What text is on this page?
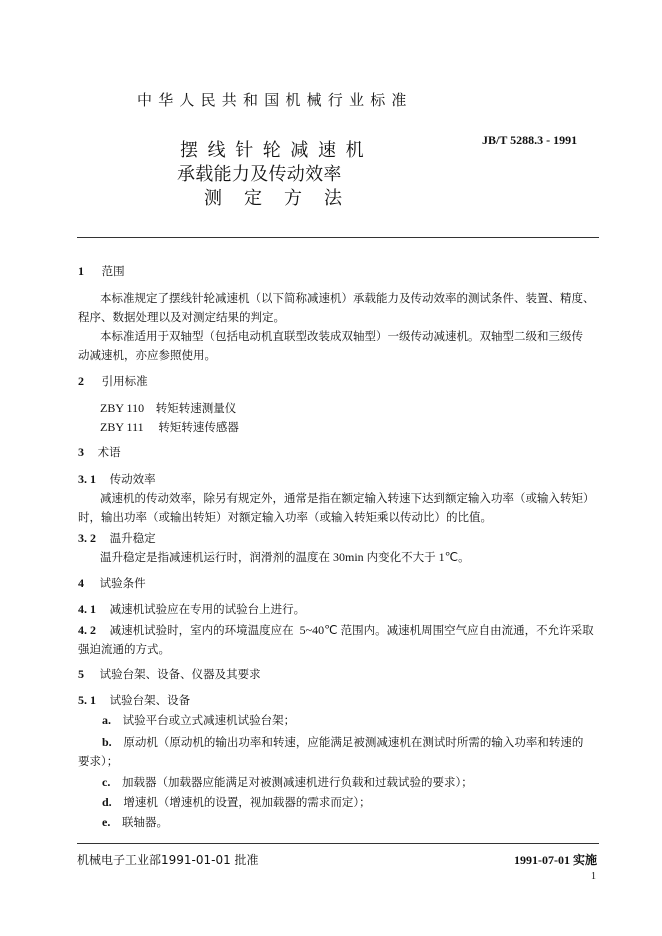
中华人民共和国机械行业标准
摆线针轮减速机
承载能力及传动效率
测定方法
JB/T 5288.3 - 1991
1 范围
本标准规定了摆线针轮减速机（以下简称减速机）承载能力及传动效率的测试条件、装置、精度、
程序、数据处理以及对测定结果的判定。
本标准适用于双轴型（包括电动机直联型改装成双轴型）一级传动减速机。双轴型二级和三级传
动减速机，亦应参照使用。
2 引用标准
ZBY 110 转矩转速测量仪
ZBY 111 转矩转速传感器
3 术语
3. 1 传动效率
减速机的传动效率，除另有规定外，通常是指在额定输入转速下达到额定输入功率（或输入转矩）
时，输出功率（或输出转矩）对额定输入功率（或输入转矩乘以传动比）的比值。
3. 2 温升稳定
温升稳定是指减速机运行时，润滑剂的温度在 30min 内变化不大于 1℃。
4 试验条件
4. 1 减速机试验应在专用的试验台上进行。
4. 2 减速机试验时，室内的环境温度应在 5~40℃ 范围内。减速机周围空气应自由流通，不允许采取
强迫流通的方式。
5 试验台架、设备、仪器及其要求
5. 1 试验台架、设备
a. 试验平台或立式减速机试验台架；
b. 原动机（原动机的输出功率和转速，应能满足被测减速机在测试时所需的输入功率和转速的
要求）；
c. 加载器（加载器应能满足对被测减速机进行负载和过载试验的要求）；
d. 增速机（增速机的设置，视加载器的需求而定）；
e. 联轴器。
机械电子工业部1991-01-01 批准	1991-07-01 实施
1
